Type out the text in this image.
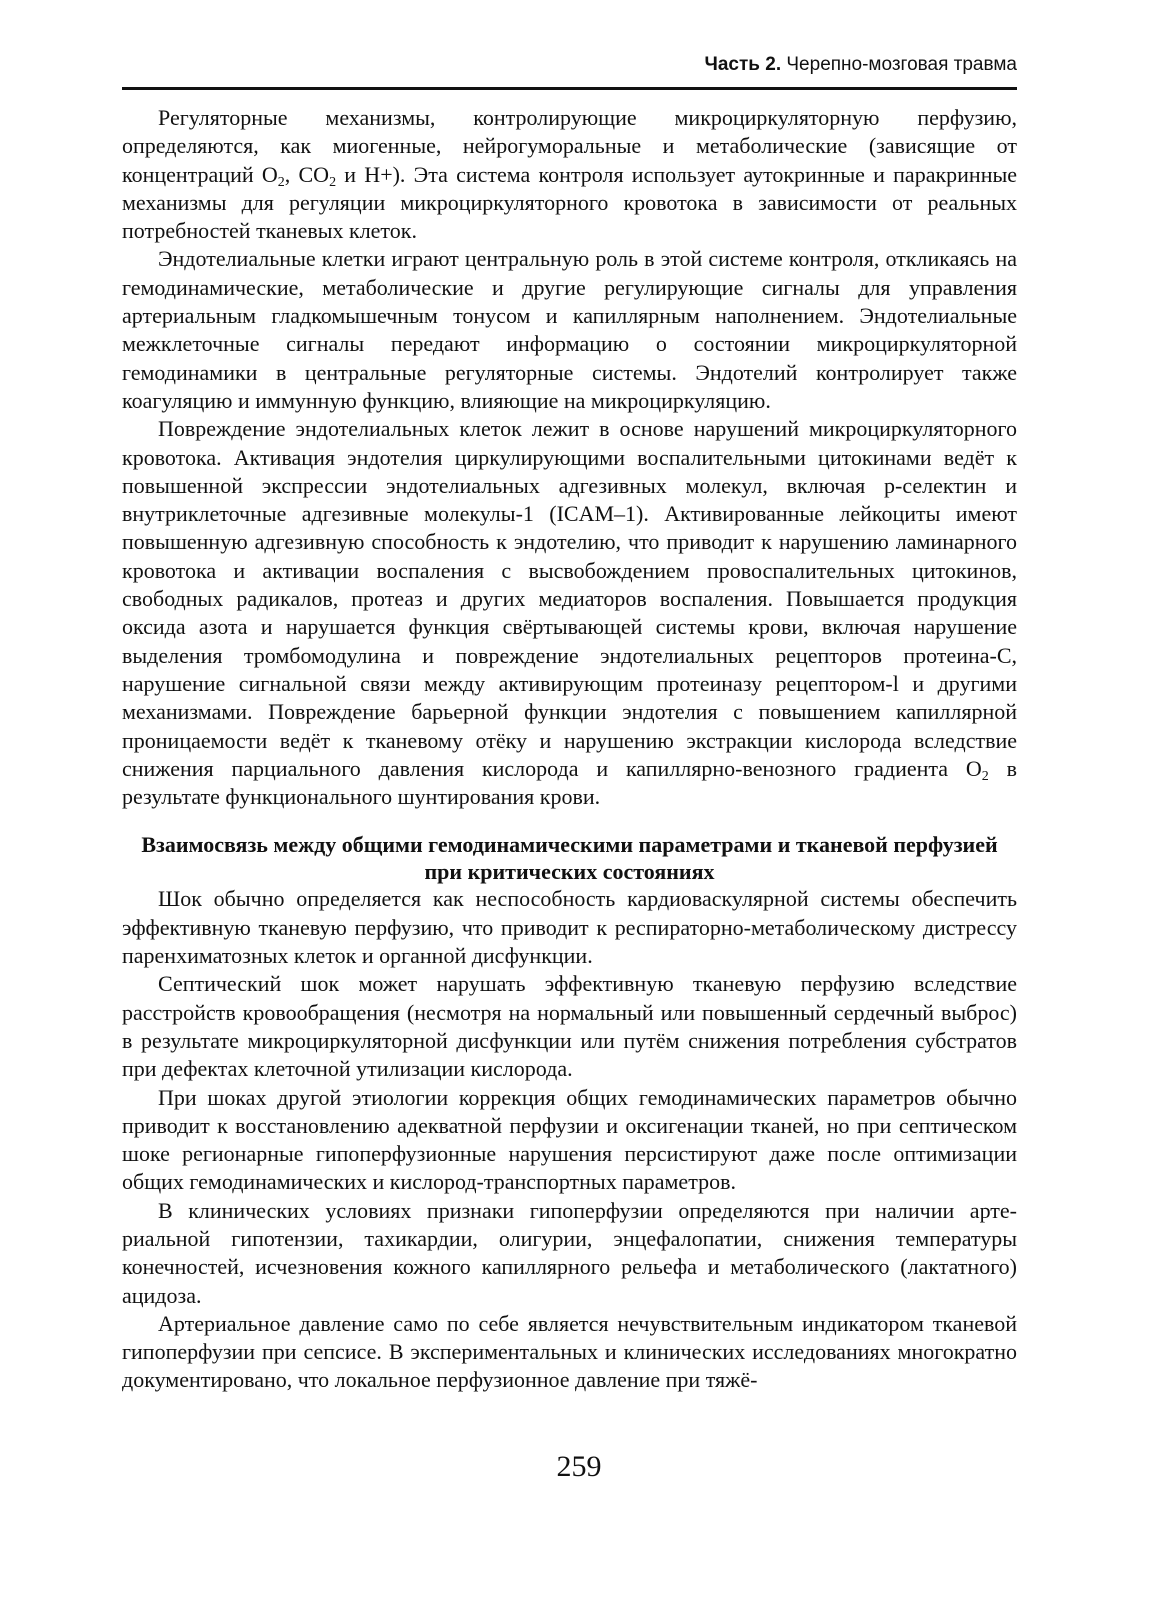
Часть 2. Черепно-мозговая травма

Регуляторные механизмы, контролирующие микроциркуляторную перфузию, определяются, как миогенные, нейрогуморальные и метаболические (зависящие от концентраций $O_2$, $CO_2$ и H+). Эта система контроля использует аутокринные и паракринные механизмы для регуляции микроциркуляторного кровотока в зависимости от реальных потребностей тканевых клеток.

Эндотелиальные клетки играют центральную роль в этой системе контроля, откликаясь на гемодинамические, метаболические и другие регулирующие сигналы для управления артериальным гладкомышечным тонусом и капиллярным наполнением. Эндотелиальные межклеточные сигналы передают информацию о состоянии микроциркуляторной гемодинамики в центральные регуляторные системы. Эндотелий контролирует также коагуляцию и иммунную функцию, влияющие на микроциркуляцию.

Повреждение эндотелиальных клеток лежит в основе нарушений микроциркуляторного кровотока. Активация эндотелия циркулирующими воспалительными цитокинами ведёт к повышенной экспрессии эндотелиальных адгезивных молекул, включая p-селектин и внутриклеточные адгезивные молекулы-1 (ICAM–1). Активированные лейкоциты имеют повышенную адгезивную способность к эндотелию, что приводит к нарушению ламинарного кровотока и активации воспаления с высвобождением провоспалительных цитокинов, свободных радикалов, протеаз и других медиаторов воспаления. Повышается продукция оксида азота и нарушается функция свёртывающей системы крови, включая нарушение выделения тромбомодулина и повреждение эндотелиальных рецепторов протеина-С, нарушение сигнальной связи между активирующим протеиназу рецептором-l и другими механизмами. Повреждение барьерной функции эндотелия с повышением капиллярной проницаемости ведёт к тканевому отёку и нарушению экстракции кислорода вследствие снижения парциального давления кислорода и капиллярно-венозного градиента $O_2$ в результате функционального шунтирования крови.

Взаимосвязь между общими гемодинамическими параметрами и тканевой перфузией при критических состояниях

Шок обычно определяется как неспособность кардиоваскулярной системы обеспечить эффективную тканевую перфузию, что приводит к респираторно-метаболическому дистрессу паренхиматозных клеток и органной дисфункции.

Септический шок может нарушать эффективную тканевую перфузию вследствие расстройств кровообращения (несмотря на нормальный или повышенный сердечный выброс) в результате микроциркуляторной дисфункции или путём снижения потребления субстратов при дефектах клеточной утилизации кислорода.

При шоках другой этиологии коррекция общих гемодинамических параметров обычно приводит к восстановлению адекватной перфузии и оксигенации тканей, но при септическом шоке регионарные гипоперфузионные нарушения персистируют даже после оптимизации общих гемодинамических и кислород-транспортных параметров.

В клинических условиях признаки гипоперфузии определяются при наличии артериальной гипотензии, тахикардии, олигурии, энцефалопатии, снижения температуры конечностей, исчезновения кожного капиллярного рельефа и метаболического (лактатного) ацидоза.

Артериальное давление само по себе является нечувствительным индикатором тканевой гипоперфузии при сепсисе. В экспериментальных и клинических исследованиях многократно документировано, что локальное перфузионное давление при тяжё-

259
